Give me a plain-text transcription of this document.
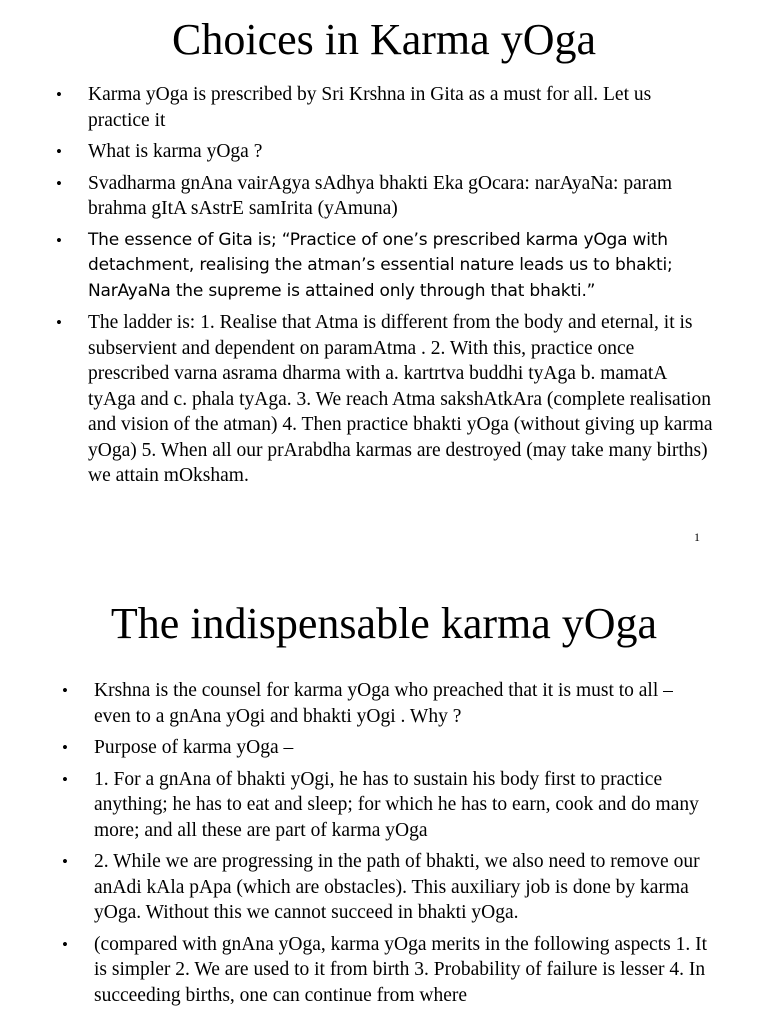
Choices in Karma yOga
•	Karma yOga is prescribed by Sri Krshna in Gita as a must for all. Let us practice it
•	What is karma yOga ?
•	Svadharma gnAna vairAgya sAdhya bhakti Eka gOcara: narAyaNa: param brahma gItA sAstrE samIrita (yAmuna)
•	The essence of Gita is; “Practice of one’s prescribed karma yOga with detachment, realising the atman’s essential nature leads us to bhakti; NarAyaNa the supreme is attained only through that bhakti.”
•	The ladder is: 1. Realise that Atma is different from the body and eternal, it is subservient and dependent on paramAtma . 2. With this, practice once prescribed varna asrama dharma with a. kartrtva buddhi tyAga b. mamatA tyAga and c. phala tyAga. 3. We reach Atma sakshAtkAra (complete realisation and vision of the atman) 4. Then practice bhakti yOga (without giving up karma yOga) 5. When all our prArabdha karmas are destroyed (may take many births) we attain mOksham.
1
The indispensable karma yOga
•	Krshna is the counsel for karma yOga who preached that it is must to all – even to a gnAna yOgi and bhakti yOgi . Why ?
•	Purpose of karma yOga –
•	1. For a gnAna of bhakti yOgi, he has to sustain his body first to practice anything; he has to eat and sleep; for which he has to earn, cook and do many more; and all these are part of karma yOga
•	2. While we are progressing in the path of bhakti, we also need to remove our anAdi kAla pApa (which are obstacles). This auxiliary job is done by karma yOga. Without this we cannot succeed in bhakti yOga.
•	(compared with gnAna yOga, karma yOga merits in the following aspects 1. It is simpler 2. We are used to it from birth 3. Probability of failure is lesser 4. In succeeding births, one can continue from where
